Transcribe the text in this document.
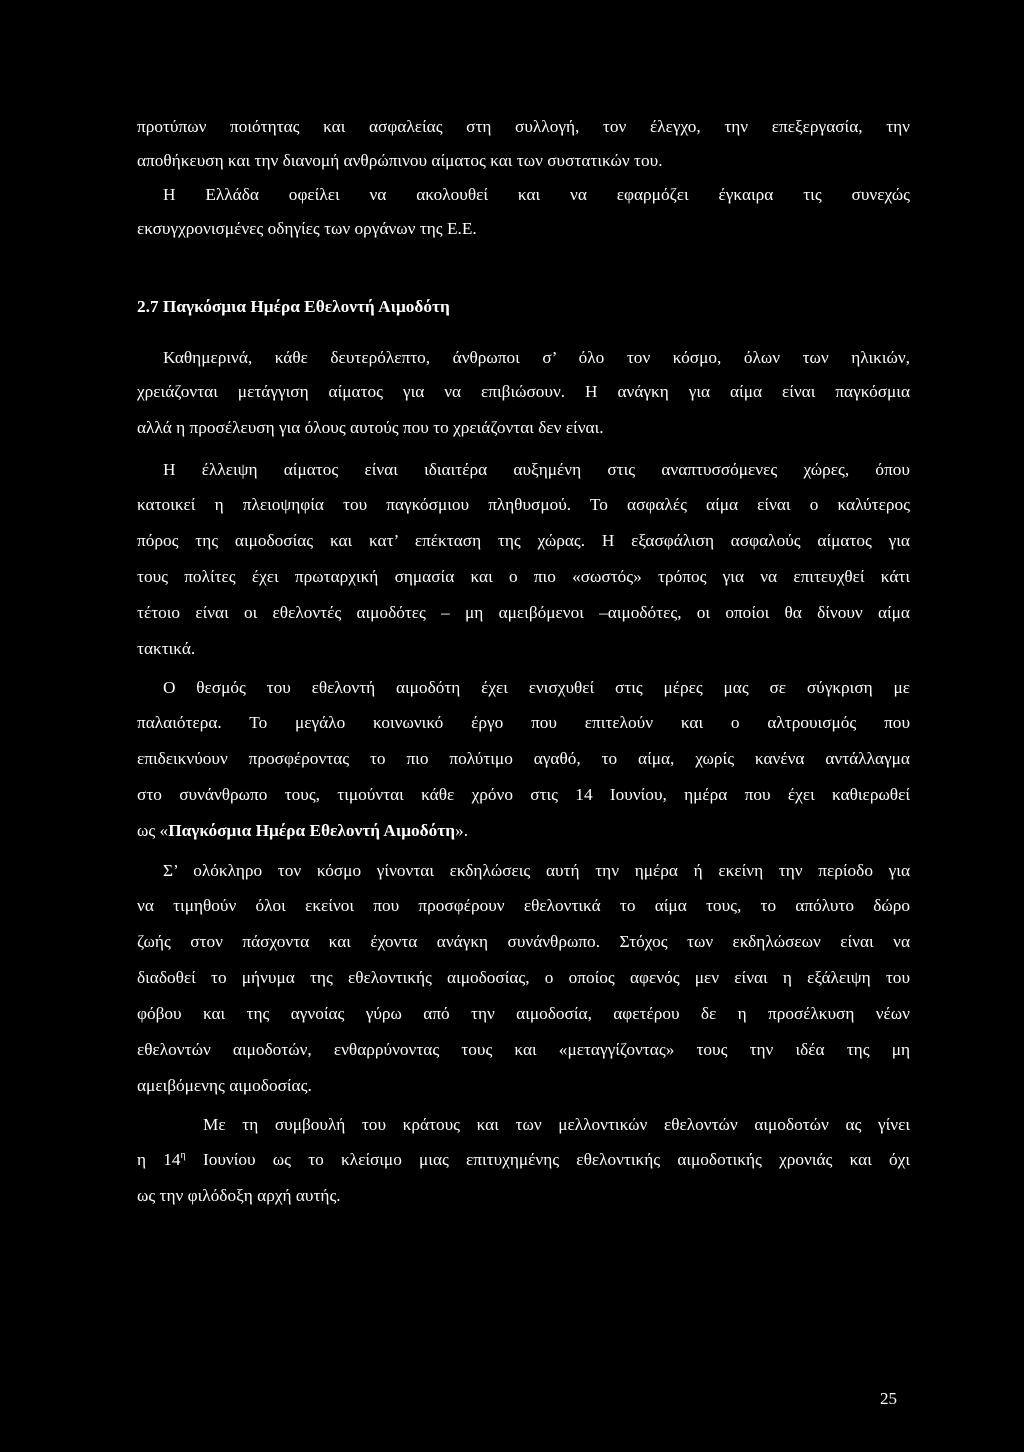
προτύπων ποιότητας και ασφαλείας στη συλλογή, τον έλεγχο, την επεξεργασία, την
αποθήκευση και την διανομή ανθρώπινου αίματος και των συστατικών του.
Η Ελλάδα οφείλει να ακολουθεί και να εφαρμόζει έγκαιρα τις συνεχώς
εκσυγχρονισμένες οδηγίες των οργάνων της Ε.Ε.
2.7 Παγκόσμια Ημέρα Εθελοντή Αιμοδότη
Καθημερινά, κάθε δευτερόλεπτο, άνθρωποι σ’ όλο τον κόσμο, όλων των ηλικιών,
χρειάζονται μετάγγιση αίματος για να επιβιώσουν. Η ανάγκη για αίμα είναι παγκόσμια
αλλά η προσέλευση για όλους αυτούς που το χρειάζονται δεν είναι.
Η έλλειψη αίματος είναι ιδιαιτέρα αυξημένη στις αναπτυσσόμενες χώρες, όπου
κατοικεί η πλειοψηφία του παγκόσμιου πληθυσμού. Το ασφαλές αίμα είναι ο καλύτερος
πόρος της αιμοδοσίας και κατ’ επέκταση της χώρας. Η εξασφάλιση ασφαλούς αίματος για
τους πολίτες έχει πρωταρχική σημασία και ο πιο «σωστός» τρόπος για να επιτευχθεί κάτι
τέτοιο είναι οι εθελοντές αιμοδότες – μη αμειβόμενοι –αιμοδότες, οι οποίοι θα δίνουν αίμα
τακτικά.
Ο θεσμός του εθελοντή αιμοδότη έχει ενισχυθεί στις μέρες μας σε σύγκριση με
παλαιότερα. Το μεγάλο κοινωνικό έργο που επιτελούν και ο αλτρουισμός που
επιδεικνύουν προσφέροντας το πιο πολύτιμο αγαθό, το αίμα, χωρίς κανένα αντάλλαγμα
στο συνάνθρωπο τους, τιμούνται κάθε χρόνο στις 14 Ιουνίου, ημέρα που έχει καθιερωθεί
ως «Παγκόσμια Ημέρα Εθελοντή Αιμοδότη».
Σ’ ολόκληρο τον κόσμο γίνονται εκδηλώσεις αυτή την ημέρα ή εκείνη την περίοδο για
να τιμηθούν όλοι εκείνοι που προσφέρουν εθελοντικά το αίμα τους, το απόλυτο δώρο
ζωής στον πάσχοντα και έχοντα ανάγκη συνάνθρωπο. Στόχος των εκδηλώσεων είναι να
διαδοθεί το μήνυμα της εθελοντικής αιμοδοσίας, ο οποίος αφενός μεν είναι η εξάλειψη του
φόβου και της αγνοίας γύρω από την αιμοδοσία, αφετέρου δε η προσέλκυση νέων
εθελοντών αιμοδοτών, ενθαρρύνοντας τους και «μεταγγίζοντας» τους την ιδέα της μη
αμειβόμενης αιμοδοσίας.
Με τη συμβουλή του κράτους και των μελλοντικών εθελοντών αιμοδοτών ας γίνει
η $14^\eta$ Ιουνίου ως το κλείσιμο μιας επιτυχημένης εθελοντικής αιμοδοτικής χρονιάς και όχι
ως την φιλόδοξη αρχή αυτής.
25
